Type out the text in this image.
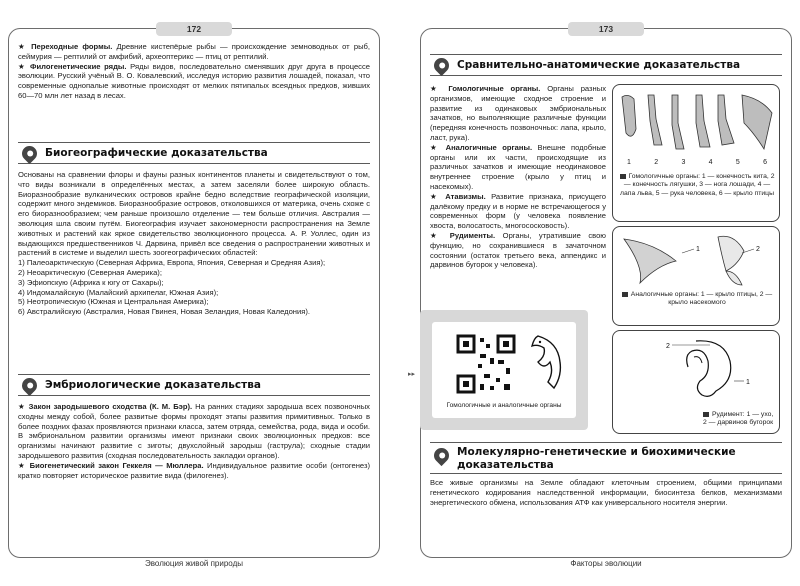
172
★ Переходные формы. Древние кистепёрые рыбы — происхождение земноводных от рыб, сеймурия — рептилий от амфибий, археоптерикс — птиц от рептилий.
★ Филогенетические ряды. Ряды видов, последовательно сменявших друг друга в процессе эволюции. Русский учёный В. О. Ковалевский, исследуя историю развития лошадей, показал, что современные однопалые животные происходят от мелких пятипалых всеядных предков, живших 60—70 млн лет назад в лесах.
Биогеографические доказательства
Основаны на сравнении флоры и фауны разных континентов планеты и свидетельствуют о том, что виды возникали в определённых местах, а затем заселяли более широкую область. Биоразнообразие вулканических островов крайне бедно вследствие географической изоляции, содержит много эндемиков. Биоразнообразие островов, отколовшихся от материка, очень схоже с его биоразнообразием; чем раньше произошло отделение — тем больше отличия. Австралия — эволюция шла своим путём. Биогеография изучает закономерности распространения на Земле животных и растений как яркое свидетельство эволюционного процесса. А. Р. Уоллес, один из выдающихся предшественников Ч. Дарвина, привёл все сведения о распространении животных и растений в системе и выделил шесть зоогеографических областей:
1) Палеоарктическую (Северная Африка, Европа, Япония, Северная и Средняя Азия);
2) Неоарктическую (Северная Америка);
3) Эфиопскую (Африка к югу от Сахары);
4) Индомалайскую (Малайский архипелаг, Южная Азия);
5) Неотропическую (Южная и Центральная Америка);
6) Австралийскую (Австралия, Новая Гвинея, Новая Зеландия, Новая Каледония).
Эмбриологические доказательства
★ Закон зародышевого сходства (К. М. Бэр). На ранних стадиях зародыша всех позвоночных сходны между собой, более развитые формы проходят этапы развития примитивных. Только в более поздних фазах проявляются признаки класса, затем отряда, семейства, рода, вида и особи. В эмбриональном развитии организмы имеют признаки своих эволюционных предков: все организмы начинают развитие с зиготы; двухслойный зародыш (гаструла); сходные стадии зародышевого развития (сходная последовательность закладки органов).
★ Биогенетический закон Геккеля — Мюллера. Индивидуальное развитие особи (онтогенез) кратко повторяет историческое развитие вида (филогенез).
Эволюция живой природы
173
Сравнительно-анатомические доказательства
★ Гомологичные органы. Органы разных организмов, имеющие сходное строение и развитие из одинаковых эмбриональных зачатков, но выполняющие различные функции (передняя конечность позвоночных: лапа, крыло, ласт, рука).
★ Аналогичные органы. Внешне подобные органы или их части, происходящие из различных зачатков и имеющие неодинаковое внутреннее строение (крыло у птиц и насекомых).
★ Атавизмы. Развитие признака, присущего далёкому предку и в норме не встречающегося у современных форм (у человека появление хвоста, волосатость, многососковость).
★ Рудименты. Органы, утратившие свою функцию, но сохранившиеся в зачаточном состоянии (остаток третьего века, аппендикс и дарвинов бугорок у человека).
1	2	3	4	5	6
Гомологичные органы: 1 — конечность кита, 2 — конечность лягушки, 3 — нога лошади, 4 — лапа льва, 5 — рука человека, 6 — крыло птицы
1	2
Аналогичные органы: 1 — крыло птицы, 2 — крыло насекомого
Гомологичные и аналогичные органы
▸▸
2
1
Рудимент: 1 — ухо, 2 — дарвинов бугорок
Молекулярно-генетические и биохимические
доказательства
Все живые организмы на Земле обладают клеточным строением, общими принципами генетического кодирования наследственной информации, биосинтеза белков, механизмами энергетического обмена, использования АТФ как универсального носителя энергии.
Факторы эволюции
